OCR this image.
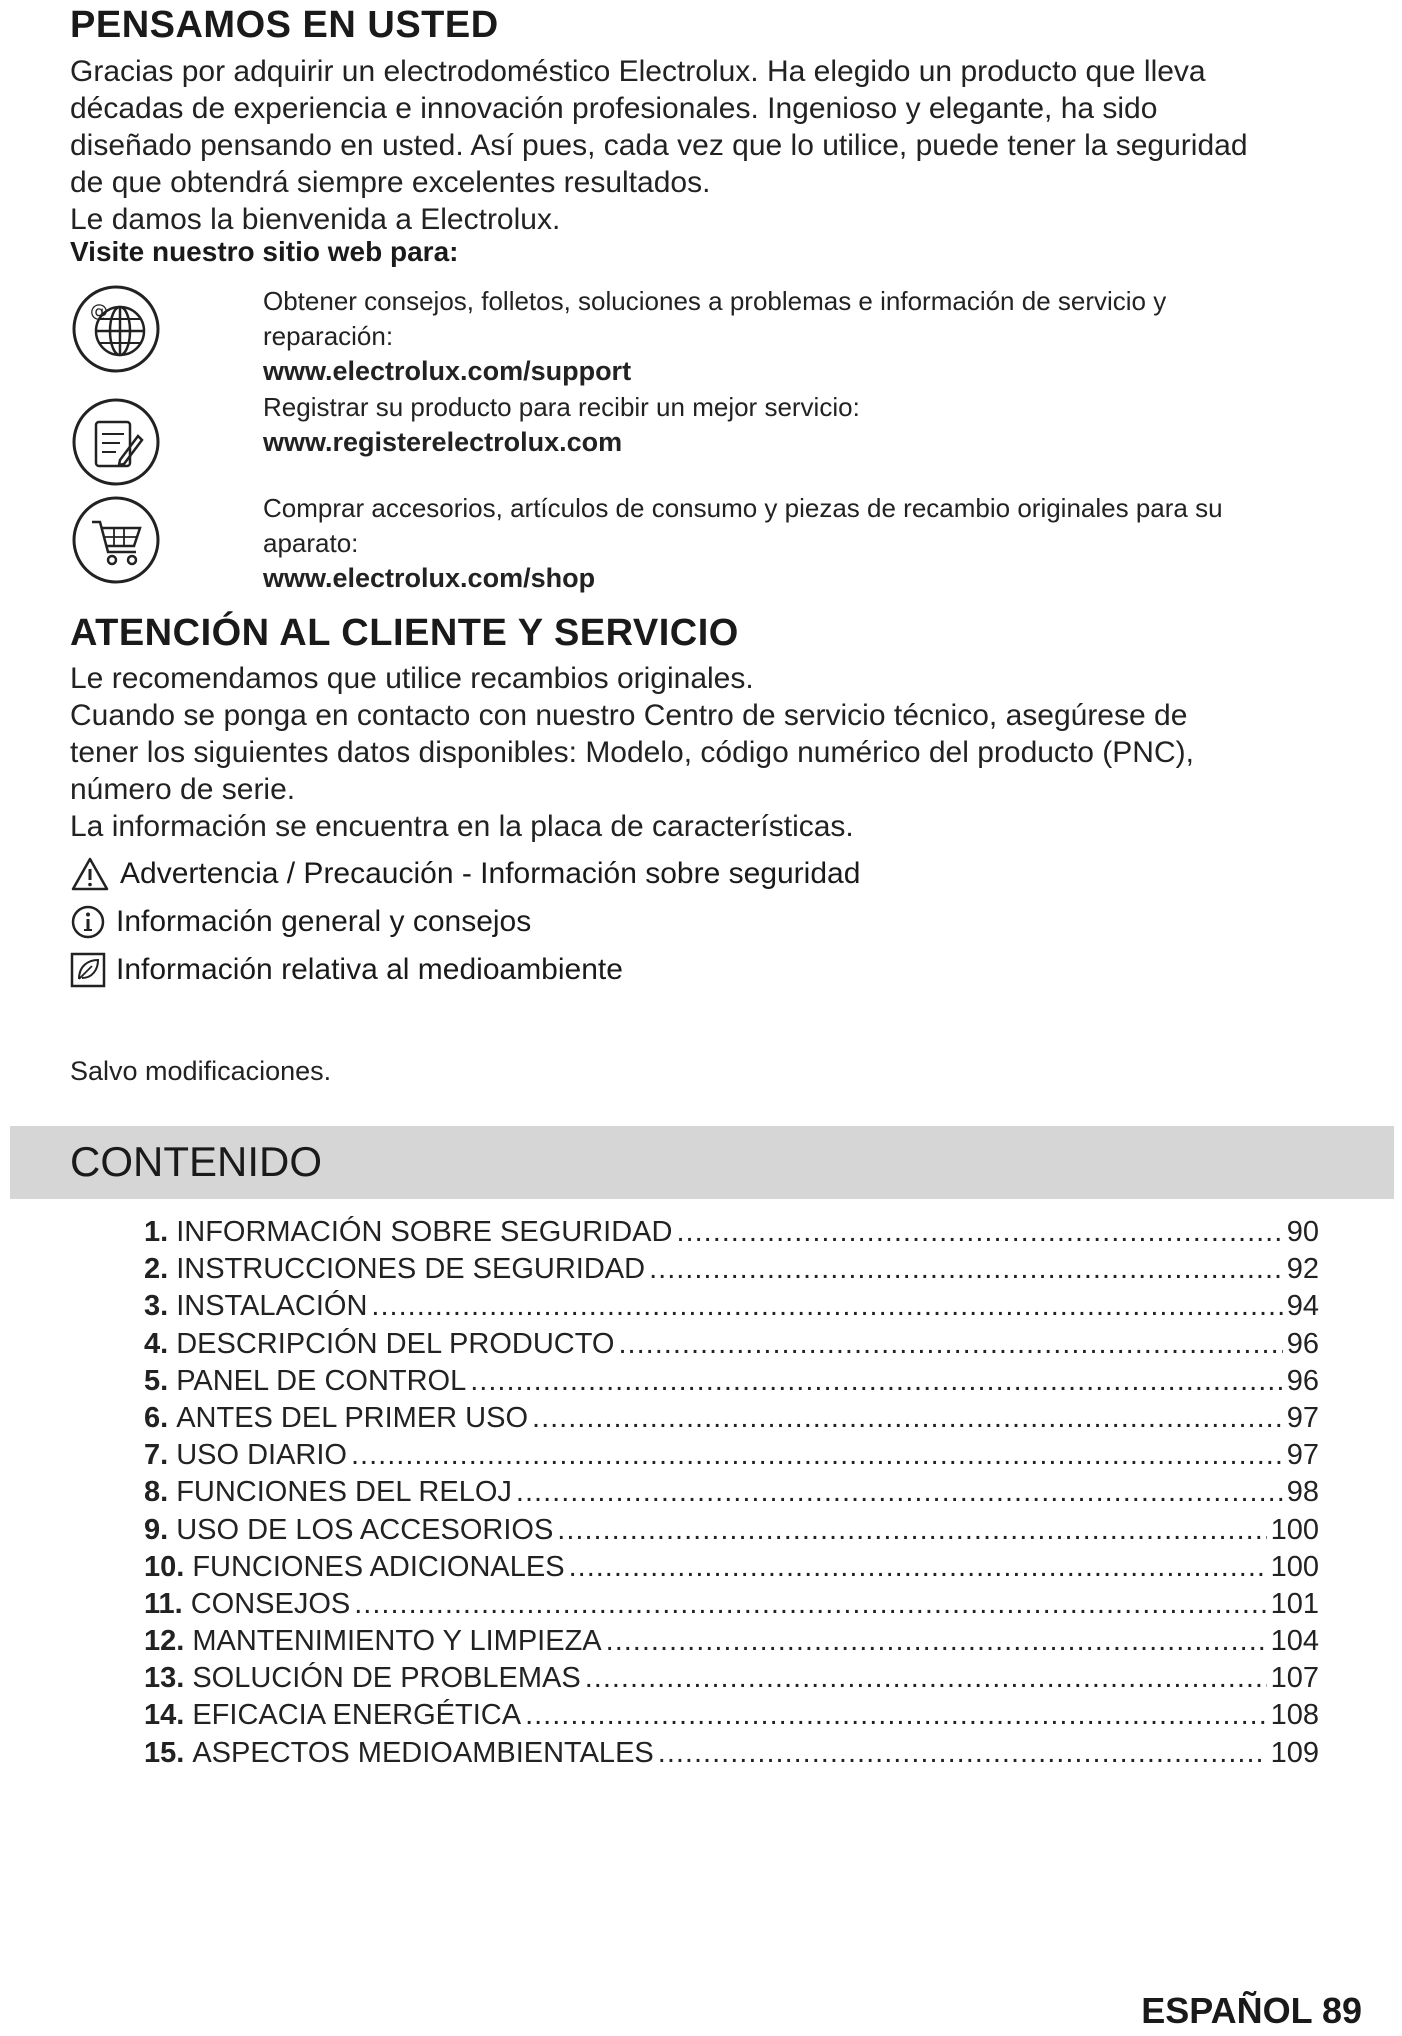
PENSAMOS EN USTED
Gracias por adquirir un electrodoméstico Electrolux. Ha elegido un producto que lleva
décadas de experiencia e innovación profesionales. Ingenioso y elegante, ha sido
diseñado pensando en usted. Así pues, cada vez que lo utilice, puede tener la seguridad
de que obtendrá siempre excelentes resultados.
Le damos la bienvenida a Electrolux.
Visite nuestro sitio web para:
@	Obtener consejos, folletos, soluciones a problemas e información de servicio y
reparación:
www.electrolux.com/support
Registrar su producto para recibir un mejor servicio:
www.registerelectrolux.com
Comprar accesorios, artículos de consumo y piezas de recambio originales para su
aparato:
www.electrolux.com/shop
ATENCIÓN AL CLIENTE Y SERVICIO
Le recomendamos que utilice recambios originales.
Cuando se ponga en contacto con nuestro Centro de servicio técnico, asegúrese de
tener los siguientes datos disponibles: Modelo, código numérico del producto (PNC),
número de serie.
La información se encuentra en la placa de características.
Advertencia / Precaución - Información sobre seguridad
Información general y consejos
Información relativa al medioambiente
Salvo modificaciones.
CONTENIDO
1. INFORMACIÓN SOBRE SEGURIDAD .....	90
2. INSTRUCCIONES DE SEGURIDAD .....	92
3. INSTALACIÓN .....	94
4. DESCRIPCIÓN DEL PRODUCTO .....	96
5. PANEL DE CONTROL .....	96
6. ANTES DEL PRIMER USO .....	97
7. USO DIARIO .....	97
8. FUNCIONES DEL RELOJ .....	98
9. USO DE LOS ACCESORIOS .....	100
10. FUNCIONES ADICIONALES .....	100
11. CONSEJOS .....	101
12. MANTENIMIENTO Y LIMPIEZA .....	104
13. SOLUCIÓN DE PROBLEMAS .....	107
14. EFICACIA ENERGÉTICA .....	108
15. ASPECTOS MEDIOAMBIENTALES .....	109
ESPAÑOL 89
